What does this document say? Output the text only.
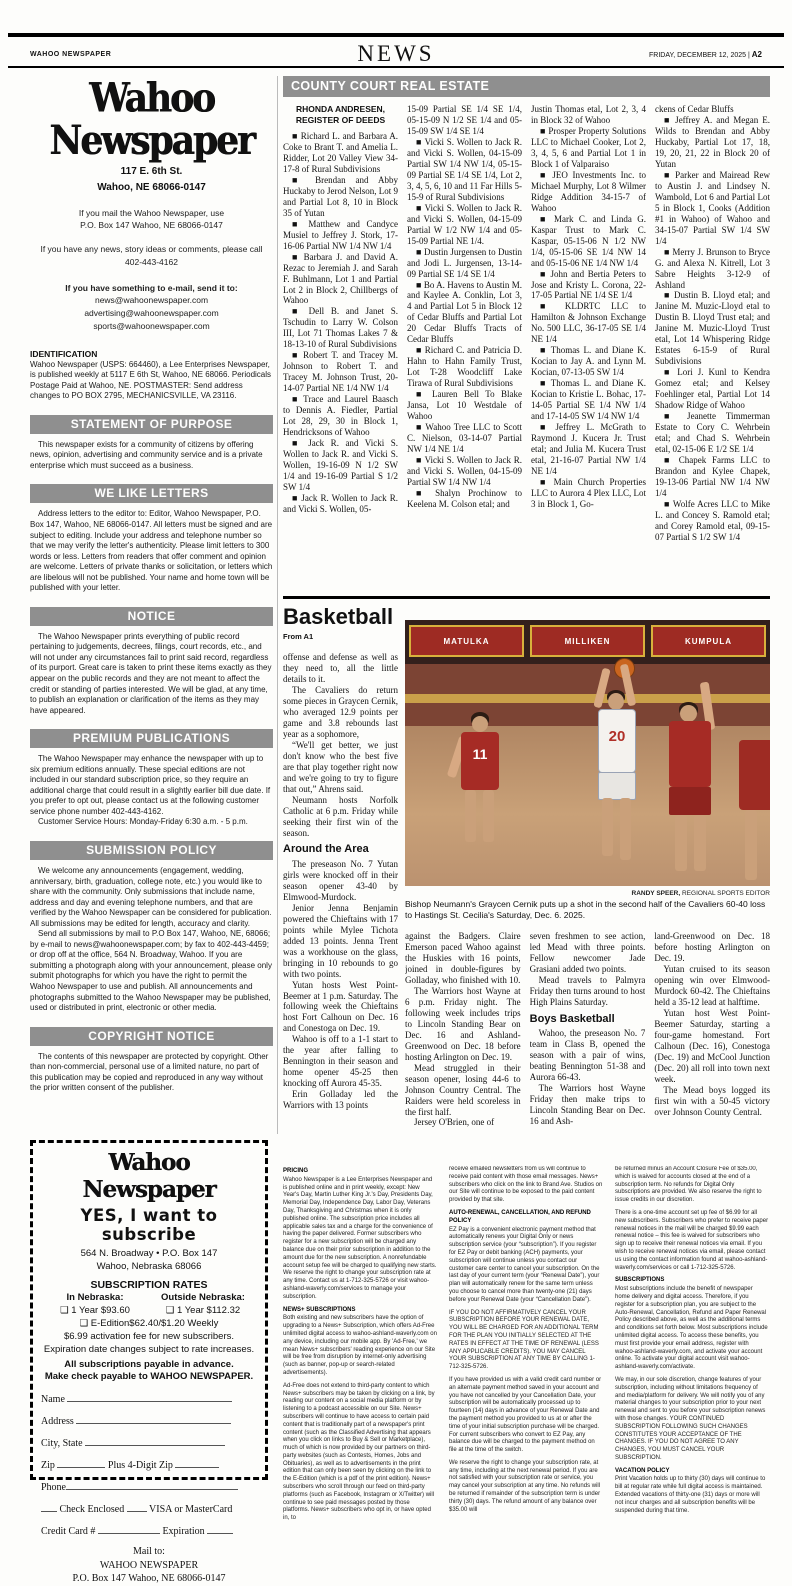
WAHOO NEWSPAPER	NEWS	FRIDAY, DECEMBER 12, 2025 | A2
Wahoo Newspaper
117 E. 6th St.
Wahoo, NE 68066-0147
If you mail the Wahoo Newspaper, use
P.O. Box 147 Wahoo, NE 68066-0147
If you have any news, story ideas or comments, please call
402-443-4162
If you have something to e-mail, send it to:
news@wahoonewspaper.com
advertising@wahoonewspaper.com
sports@wahoonewspaper.com
IDENTIFICATION
Wahoo Newspaper (USPS: 664460), a Lee Enterprises Newspaper, is published weekly at 5117 E 6th St, Wahoo, NE 68066. Periodicals Postage Paid at Wahoo, NE. POSTMASTER: Send address changes to PO BOX 2795, MECHANICSVILLE, VA 23116.
STATEMENT OF PURPOSE
This newspaper exists for a community of citizens by offering news, opinion, advertising and community service and is a private enterprise which must succeed as a business.
WE LIKE LETTERS
Address letters to the editor to: Editor, Wahoo Newspaper, P.O. Box 147, Wahoo, NE 68066-0147. All letters must be signed and are subject to editing. Include your address and telephone number so that we may verify the letter's authenticity. Please limit letters to 300 words or less. Letters from readers that offer comment and opinion are welcome. Letters of private thanks or solicitation, or letters which are libelous will not be published. Your name and home town will be published with your letter.
NOTICE
The Wahoo Newspaper prints everything of public record pertaining to judgements, decrees, filings, court records, etc., and will not under any circumstances fail to print said record, regardless of its purport. Great care is taken to print these items exactly as they appear on the public records and they are not meant to affect the credit or standing of parties interested. We will be glad, at any time, to publish an explanation or clarification of the items as they may have appeared.
PREMIUM PUBLICATIONS
The Wahoo Newspaper may enhance the newspaper with up to six premium editions annually. These special editions are not included in our standard subscription price, so they require an additional charge that could result in a slightly earlier bill due date. If you prefer to opt out, please contact us at the following customer service phone number 402-443-4162.
Customer Service Hours: Monday-Friday 6:30 a.m. - 5 p.m.
SUBMISSION POLICY
We welcome any announcements (engagement, wedding, anniversary, birth, graduation, college note, etc.) you would like to share with the community. Only submissions that include name, address and day and evening telephone numbers, and that are verified by the Wahoo Newspaper can be considered for publication. All submissions may be edited for length, accuracy and clarity.
Send all submissions by mail to P.O Box 147, Wahoo, NE, 68066; by e-mail to news@wahoonewspaper.com; by fax to 402-443-4459; or drop off at the office, 564 N. Broadway, Wahoo. If you are submitting a photograph along with your announcement, please only submit photographs for which you have the right to permit the Wahoo Newspaper to use and publish. All announcements and photographs submitted to the Wahoo Newspaper may be published, used or distributed in print, electronic or other media.
COPYRIGHT NOTICE
The contents of this newspaper are protected by copyright. Other than non-commercial, personal use of a limited nature, no part of this publication may be copied and reproduced in any way without the prior written consent of the publisher.
COUNTY COURT REAL ESTATE
RHONDA ANDRESEN,
REGISTER OF DEEDS

■ Richard L. and Barbara A. Coke to Brant T. and Amelia L. Ridder, Lot 20 Valley View 34-17-8 of Rural Subdivisions

■ Brendan and Abby Huckaby to Jerod Nelson, Lot 9 and Partial Lot 8, 10 in Block 35 of Yutan

■ Matthew and Candyce Musiel to Jeffrey J. Stork, 17-16-06 Partial NW 1/4 NW 1/4

■ Barbara J. and David A. Rezac to Jeremiah J. and Sarah F. Buhlmann, Lot 1 and Partial Lot 2 in Block 2, Chillbergs of Wahoo

■ Dell B. and Janet S. Tschudin to Larry W. Colson III, Lot 71 Thomas Lakes 7 & 18-13-10 of Rural Subdivisions

■ Robert T. and Tracey M. Johnson to Robert T. and Tracey M. Johnson Trust, 20-14-07 Partial NE 1/4 NW 1/4

■ Trace and Laurel Baasch to Dennis A. Fiedler, Partial Lot 28, 29, 30 in Block 1, Hendricksons of Wahoo

■ Jack R. and Vicki S. Wollen to Jack R. and Vicki S. Wollen, 19-16-09 N 1/2 SW 1/4 and 19-16-09 Partial S 1/2 SW 1/4

■ Jack R. Wollen to Jack R. and Vicki S. Wollen, 05-

15-09 Partial SE 1/4 SE 1/4, 05-15-09 N 1/2 SE 1/4 and 05-15-09 SW 1/4 SE 1/4

■ Vicki S. Wollen to Jack R. and Vicki S. Wollen, 04-15-09 Partial SW 1/4 NW 1/4, 05-15-09 Partial SE 1/4 SE 1/4, Lot 2, 3, 4, 5, 6, 10 and 11 Far Hills 5-15-9 of Rural Subdivisions

■ Vicki S. Wollen to Jack R. and Vicki S. Wollen, 04-15-09 Partial W 1/2 NW 1/4 and 05-15-09 Partial NE 1/4.

■ Dustin Jurgensen to Dustin and Jodi L. Jurgensen, 13-14-09 Partial SE 1/4 SE 1/4

■ Bo A. Havens to Austin M. and Kaylee A. Conklin, Lot 3, 4 and Partial Lot 5 in Block 12 of Cedar Bluffs and Partial Lot 20 Cedar Bluffs Tracts of Cedar Bluffs

■ Richard C. and Patricia D. Hahn to Hahn Family Trust, Lot T-28 Woodcliff Lake Tirawa of Rural Subdivisions

■ Lauren Bell To Blake Jansa, Lot 10 Westdale of Wahoo

■ Wahoo Tree LLC to Scott C. Nielson, 03-14-07 Partial NW 1/4 NE 1/4

■ Vicki S. Wollen to Jack R. and Vicki S. Wollen, 04-15-09 Partial SW 1/4 NW 1/4

■ Shalyn Prochinow to Keelena M. Colson etal; and

Justin Thomas etal, Lot 2, 3, 4 in Block 32 of Wahoo

■ Prosper Property Solutions LLC to Michael Cooker, Lot 2, 3, 4, 5, 6 and Partial Lot 1 in Block 1 of Valparaiso

■ JEO Investments Inc. to Michael Murphy, Lot 8 Wilmer Ridge Addition 34-15-7 of Wahoo

■ Mark C. and Linda G. Kaspar Trust to Mark C. Kaspar, 05-15-06 N 1/2 NW 1/4, 05-15-06 SE 1/4 NW 14 and 05-15-06 NE 1/4 NW 1/4

■ John and Bertia Peters to Jose and Kristy L. Corona, 22-17-05 Partial NE 1/4 SE 1/4

■ KLDRTC LLC to Hamilton & Johnson Exchange No. 500 LLC, 36-17-05 SE 1/4 NE 1/4

■ Thomas L. and Diane K. Kocian to Jay A. and Lynn M. Kocian, 07-13-05 SW 1/4

■ Thomas L. and Diane K. Kocian to Kristie L. Bohac, 17-14-05 Partial SE 1/4 NW 1/4 and 17-14-05 SW 1/4 NW 1/4

■ Jeffrey L. McGrath to Raymond J. Kucera Jr. Trust etal; and Julia M. Kucera Trust etal, 21-16-07 Partial NW 1/4 NE 1/4

■ Main Church Properties LLC to Aurora 4 Plex LLC, Lot 3 in Block 1, Go-

ckens of Cedar Bluffs

■ Jeffrey A. and Megan E. Wilds to Brendan and Abby Huckaby, Partial Lot 17, 18, 19, 20, 21, 22 in Block 20 of Yutan

■ Parker and Mairead Rew to Austin J. and Lindsey N. Wambold, Lot 6 and Partial Lot 5 in Block 1, Cooks (Addition #1 in Wahoo) of Wahoo and 34-15-07 Partial SW 1/4 SW 1/4

■ Merry J. Brunson to Bryce G. and Alexa N. Kitrell, Lot 3 Sabre Heights 3-12-9 of Ashland

■ Dustin B. Lloyd etal; and Janine M. Muzic-Lloyd etal to Dustin B. Lloyd Trust etal; and Janine M. Muzic-Lloyd Trust etal, Lot 14 Whispering Ridge Estates 6-15-9 of Rural Subdivisions

■ Lori J. Kunl to Kendra Gomez etal; and Kelsey Foehlinger etal, Partial Lot 14 Shadow Ridge of Wahoo

■ Jeanette Timmerman Estate to Cory C. Wehrbein etal; and Chad S. Wehrbein etal, 02-15-06 E 1/2 SE 1/4

■ Chapek Farms LLC to Brandon and Kylee Chapek, 19-13-06 Partial NW 1/4 NW 1/4

■ Wolfe Acres LLC to Mike L. and Concey S. Ramold etal; and Corey Ramold etal, 09-15-07 Partial S 1/2 SW 1/4

Basketball
From A1

offense and defense as well as they need to, all the little details to it.

The Cavaliers do return some pieces in Graycen Cernik, who averaged 12.9 points per game and 3.8 rebounds last year as a sophomore,

“We'll get better, we just don't know who the best five are that play together right now and we're going to try to figure that out,” Ahrens said.

Neumann hosts Norfolk Catholic at 6 p.m. Friday while seeking their first win of the season.

Around the Area

The preseason No. 7 Yutan girls were knocked off in their season opener 43-40 by Elmwood-Murdock.

Jenior Jenna Benjamin powered the Chieftains with 17 points while Mylee Tichota added 13 points. Jenna Trent was a workhouse on the glass, bringing in 10 rebounds to go with two points.

Yutan hosts West Point-Beemer at 1 p.m. Saturday. The following week the Chieftains host Fort Calhoun on Dec. 16 and Conestoga on Dec. 19.

Wahoo is off to a 1-1 start to the year after falling to Bennington in their season and home opener 45-25 then knocking off Aurora 45-35.

Erin Golladay led the Warriors with 13 points

MATULKA	MILLIKEN	KUMPULA
11
20
RANDY SPEER, REGIONAL SPORTS EDITOR
Bishop Neumann's Graycen Cernik puts up a shot in the second half of the Cavaliers 60-40 loss to Hastings St. Cecilia's Saturday, Dec. 6. 2025.

against the Badgers. Claire Emerson paced Wahoo against the Huskies with 16 points, joined in double-figures by Golladay, who finished with 10.

The Warriors host Wayne at 6 p.m. Friday night. The following week includes trips to Lincoln Standing Bear on Dec. 16 and Ashland-Greenwood on Dec. 18 before hosting Arlington on Dec. 19.

Mead struggled in their season opener, losing 44-6 to Johnson Country Central. The Raiders were held scoreless in the first half.

Jersey O'Brien, one of

seven freshmen to see action, led Mead with three points. Fellow newcomer Jade Grasiani added two points.

Mead travels to Palmyra Friday then turns around to host High Plains Saturday.

Boys Basketball

Wahoo, the preseason No. 7 team in Class B, opened the season with a pair of wins, beating Bennington 51-38 and Aurora 66-43.

The Warriors host Wayne Friday then make trips to Lincoln Standing Bear on Dec. 16 and Ash-

land-Greenwood on Dec. 18 before hosting Arlington on Dec. 19.

Yutan cruised to its season opening win over Elmwood-Murdock 60-42. The Chieftains held a 35-12 lead at halftime.

Yutan host West Point-Beemer Saturday, starting a four-game homestand. Fort Calhoun (Dec. 16), Conestoga (Dec. 19) and McCool Junction (Dec. 20) all roll into town next week.

The Mead boys logged its first win with a 50-45 victory over Johnson County Central.

Wahoo Newspaper
YES, I want to subscribe
564 N. Broadway • P.O. Box 147
Wahoo, Nebraska 68066
SUBSCRIPTION RATES
In Nebraska:	Outside Nebraska:
❑ 1 Year $93.60	❑ 1 Year $112.32
❑ E-Edition$62.40/$1.20 Weekly
$6.99 activation fee for new subscribers.
Expiration date changes subject to rate increases.
All subscriptions payable in advance.
Make check payable to WAHOO NEWSPAPER.
Name
Address
City, State
Zip	Plus 4-Digit Zip
Phone
Check Enclosed VISA or MasterCard
Credit Card #	Expiration
Mail to:
WAHOO NEWSPAPER
P.O. Box 147 Wahoo, NE 68066-0147

PRICING

Wahoo Newspaper is a Lee Enterprises Newspaper and is published online and in print weekly, except: New Year's Day, Martin Luther King Jr.'s Day, Presidents Day, Memorial Day, Independence Day, Labor Day, Veterans Day, Thanksgiving and Christmas when it is only published online. The subscription price includes all applicable sales tax and a charge for the convenience of having the paper delivered. Former subscribers who register for a new subscription will be charged any balance due on their prior subscription in addition to the amount due for the new subscription. A nonrefundable account setup fee will be charged to qualifying new starts. We reserve the right to change your subscription rate at any time. Contact us at 1-712-325-5726 or visit wahoo-ashland-waverly.com/services to manage your subscription.

NEWS+ SUBSCRIPTIONS

Both existing and new subscribers have the option of upgrading to a News+ Subscription, which offers Ad-Free unlimited digital access to wahoo-ashland-waverly.com on any device, including our mobile app. By 'Ad-Free,' we mean News+ subscribers' reading experience on our Site will be free from disruption by internet-only advertising (such as banner, pop-up or search-related advertisements).

Ad-Free does not extend to third-party content to which News+ subscribers may be taken by clicking on a link, by reading our content on a social media platform or by listening to a podcast accessible on our Site. News+ subscribers will continue to have access to certain paid content that is traditionally part of a newspaper's print content (such as the Classified Advertising that appears when you click on links to Buy & Sell or Marketplace), much of which is now provided by our partners on third-party websites (such as Contests, Homes, Jobs and Obituaries), as well as to advertisements in the print edition that can only been seen by clicking on the link to the E-Edition (which is a pdf of the print edition). News+ subscribers who scroll through our feed on third-party platforms (such as Facebook, Instagram or X/Twitter) will continue to see paid messages posted by those platforms. News+ subscribers who opt in, or have opted in, to

receive emailed newsletters from us will continue to receive paid content with those email messages. News+ subscribers who click on the link to Brand Ave. Studios on our Site will continue to be exposed to the paid content provided by that site.

AUTO-RENEWAL, CANCELLATION, AND REFUND POLICY

EZ Pay is a convenient electronic payment method that automatically renews your Digital Only or news subscription service (your “subscription”). If you register for EZ Pay or debit banking (ACH) payments, your subscription will continue unless you contact our customer care center to cancel your subscription. On the last day of your current term (your “Renewal Date”), your plan will automatically renew for the same term unless you choose to cancel more than twenty-one (21) days before your Renewal Date (your “Cancellation Date”).

IF YOU DO NOT AFFIRMATIVELY CANCEL YOUR SUBSCRIPTION BEFORE YOUR RENEWAL DATE, YOU WILL BE CHARGED FOR AN ADDITIONAL TERM FOR THE PLAN YOU INITIALLY SELECTED AT THE RATES IN EFFECT AT THE TIME OF RENEWAL (LESS ANY APPLICABLE CREDITS). YOU MAY CANCEL YOUR SUBSCRIPTION AT ANY TIME BY CALLING 1-712-325-5726.

If you have provided us with a valid credit card number or an alternate payment method saved in your account and you have not cancelled by your Cancellation Date, your subscription will be automatically processed up to fourteen (14) days in advance of your Renewal Date and the payment method you provided to us at or after the time of your initial subscription purchase will be charged. For current subscribers who convert to EZ Pay, any balance due will be charged to the payment method on file at the time of the switch.

We reserve the right to change your subscription rate, at any time, including at the next renewal period. If you are not satisfied with your subscription rate or service, you may cancel your subscription at any time. No refunds will be returned if remainder of the subscription term is under thirty (30) days. The refund amount of any balance over $35.00 will

be returned minus an Account Closure Fee of $35.00, which is waived for accounts closed at the end of a subscription term. No refunds for Digital Only subscriptions are provided. We also reserve the right to issue credits in our discretion.

There is a one-time account set up fee of $6.99 for all new subscribers. Subscribers who prefer to receive paper renewal notices in the mail will be charged $9.99 each renewal notice – this fee is waived for subscribers who sign up to receive their renewal notices via email. If you wish to receive renewal notices via email, please contact us using the contact information found at wahoo-ashland-waverly.com/services or call 1-712-325-5726.

SUBSCRIPTIONS

Most subscriptions include the benefit of newspaper home delivery and digital access. Therefore, if you register for a subscription plan, you are subject to the Auto-Renewal, Cancellation, Refund and Paper Renewal Policy described above, as well as the additional terms and conditions set forth below. Most subscriptions include unlimited digital access. To access these benefits, you must first provide your email address, register with wahoo-ashland-waverly.com, and activate your account online. To activate your digital account visit wahoo-ashland-waverly.com/activate.

We may, in our sole discretion, change features of your subscription, including without limitations frequency of and media/platform for delivery. We will notify you of any material changes to your subscription prior to your next renewal and sent to you before your subscription renews with those changes. YOUR CONTINUED SUBSCRIPTION FOLLOWING SUCH CHANGES CONSTITUTES YOUR ACCEPTANCE OF THE CHANGES. IF YOU DO NOT AGREE TO ANY CHANGES, YOU MUST CANCEL YOUR SUBSCRIPTION.

VACATION POLICY

Print Vacation holds up to thirty (30) days will continue to bill at regular rate while full digital access is maintained. Extended vacations of thirty-one (31) days or more will not incur charges and all subscription benefits will be suspended during that time.
